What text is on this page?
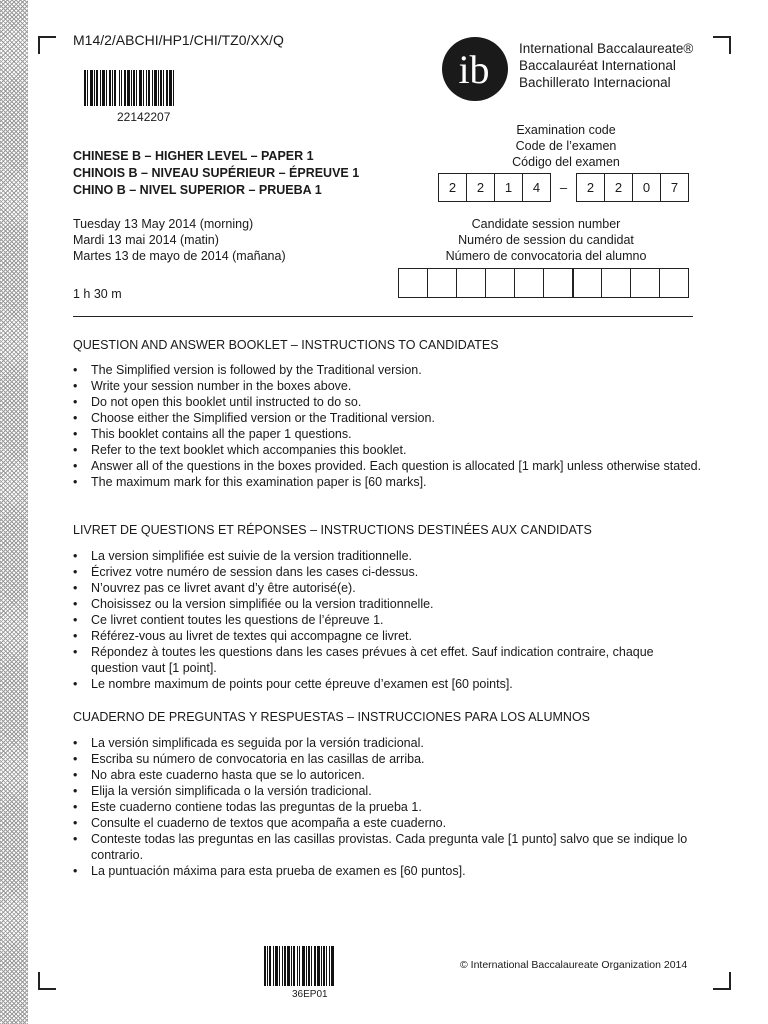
M14/2/ABCHI/HP1/CHI/TZ0/XX/Q
22142207
ib International Baccalaureate®
Baccalauréat International
Bachillerato Internacional
CHINESE B – HIGHER LEVEL – PAPER 1
CHINOIS B – NIVEAU SUPÉRIEUR – ÉPREUVE 1
CHINO B – NIVEL SUPERIOR – PRUEBA 1
Examination code
Code de l’examen
Código del examen
2	2	1	4	–	2	2	0	7
Tuesday 13 May 2014 (morning)
Mardi 13 mai 2014 (matin)
Martes 13 de mayo de 2014 (mañana)
1 h 30 m
Candidate session number
Numéro de session du candidat
Número de convocatoria del alumno
QUESTION AND ANSWER BOOKLET – INSTRUCTIONS TO CANDIDATES
• The Simplified version is followed by the Traditional version.
• Write your session number in the boxes above.
• Do not open this booklet until instructed to do so.
• Choose either the Simplified version or the Traditional version.
• This booklet contains all the paper 1 questions.
• Refer to the text booklet which accompanies this booklet.
• Answer all of the questions in the boxes provided. Each question is allocated [1 mark] unless otherwise stated.
• The maximum mark for this examination paper is [60 marks].
LIVRET DE QUESTIONS ET RÉPONSES – INSTRUCTIONS DESTINÉES AUX CANDIDATS
• La version simplifiée est suivie de la version traditionnelle.
• Écrivez votre numéro de session dans les cases ci-dessus.
• N’ouvrez pas ce livret avant d’y être autorisé(e).
• Choisissez ou la version simplifiée ou la version traditionnelle.
• Ce livret contient toutes les questions de l’épreuve 1.
• Référez-vous au livret de textes qui accompagne ce livret.
• Répondez à toutes les questions dans les cases prévues à cet effet. Sauf indication contraire, chaque question vaut [1 point].
• Le nombre maximum de points pour cette épreuve d’examen est [60 points].
CUADERNO DE PREGUNTAS Y RESPUESTAS – INSTRUCCIONES PARA LOS ALUMNOS
• La versión simplificada es seguida por la versión tradicional.
• Escriba su número de convocatoria en las casillas de arriba.
• No abra este cuaderno hasta que se lo autoricen.
• Elija la versión simplificada o la versión tradicional.
• Este cuaderno contiene todas las preguntas de la prueba 1.
• Consulte el cuaderno de textos que acompaña a este cuaderno.
• Conteste todas las preguntas en las casillas provistas. Cada pregunta vale [1 punto] salvo que se indique lo contrario.
• La puntuación máxima para esta prueba de examen es [60 puntos].
36EP01
© International Baccalaureate Organization 2014
